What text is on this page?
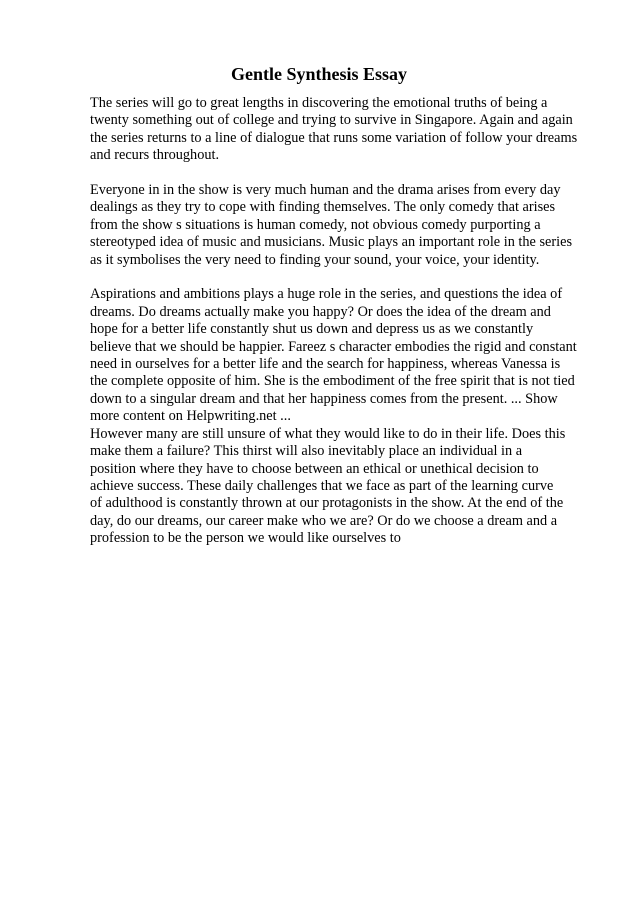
Gentle Synthesis Essay

The series will go to great lengths in discovering the emotional truths of being a
twenty something out of college and trying to survive in Singapore. Again and again
the series returns to a line of dialogue that runs some variation of follow your dreams
and recurs throughout.

Everyone in in the show is very much human and the drama arises from every day
dealings as they try to cope with finding themselves. The only comedy that arises
from the show s situations is human comedy, not obvious comedy purporting a
stereotyped idea of music and musicians. Music plays an important role in the series
as it symbolises the very need to finding your sound, your voice, your identity.

Aspirations and ambitions plays a huge role in the series, and questions the idea of
dreams. Do dreams actually make you happy? Or does the idea of the dream and
hope for a better life constantly shut us down and depress us as we constantly
believe that we should be happier. Fareez s character embodies the rigid and constant
need in ourselves for a better life and the search for happiness, whereas Vanessa is
the complete opposite of him. She is the embodiment of the free spirit that is not tied
down to a singular dream and that her happiness comes from the present. ... Show
more content on Helpwriting.net ...

However many are still unsure of what they would like to do in their life. Does this
make them a failure? This thirst will also inevitably place an individual in a
position where they have to choose between an ethical or unethical decision to
achieve success. These daily challenges that we face as part of the learning curve
of adulthood is constantly thrown at our protagonists in the show. At the end of the
day, do our dreams, our career make who we are? Or do we choose a dream and a
profession to be the person we would like ourselves to
